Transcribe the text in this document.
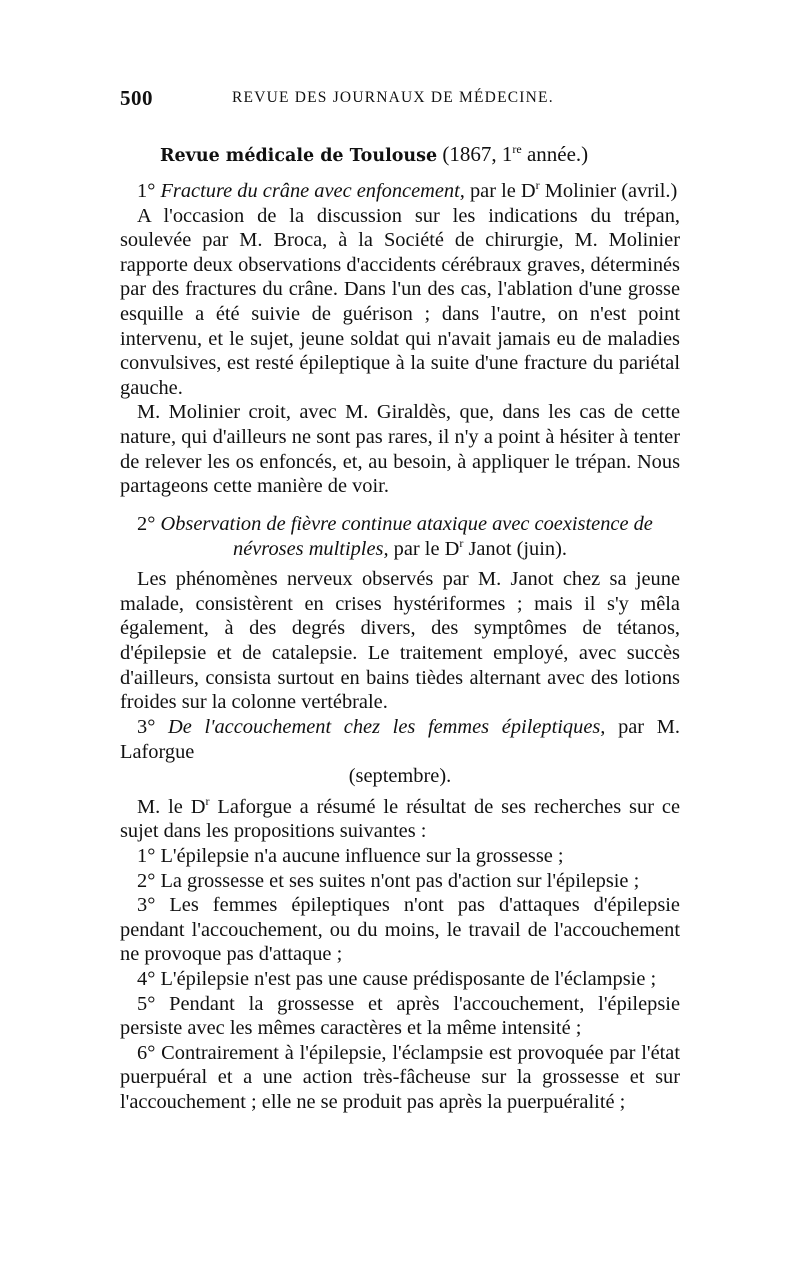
500	REVUE DES JOURNAUX DE MÉDECINE.
Revue médicale de Toulouse (1867, 1re année.)

1° Fracture du crâne avec enfoncement, par le $D^r$ Molinier (avril.)

A l'occasion de la discussion sur les indications du trépan, soulevée par M. Broca, à la Société de chirurgie, M. Molinier rapporte deux observations d'accidents cérébraux graves, déterminés par des fractures du crâne. Dans l'un des cas, l'ablation d'une grosse esquille a été suivie de guérison ; dans l'autre, on n'est point intervenu, et le sujet, jeune soldat qui n'avait jamais eu de maladies convulsives, est resté épileptique à la suite d'une fracture du pariétal gauche.

M. Molinier croit, avec M. Giraldès, que, dans les cas de cette nature, qui d'ailleurs ne sont pas rares, il n'y a point à hésiter à tenter de relever les os enfoncés, et, au besoin, à appliquer le trépan. Nous partageons cette manière de voir.

2° Observation de fièvre continue ataxique avec coexistence de
névroses multiples, par le $D^r$ Janot (juin).

Les phénomènes nerveux observés par M. Janot chez sa jeune malade, consistèrent en crises hystériformes ; mais il s'y mêla également, à des degrés divers, des symptômes de tétanos, d'épilepsie et de catalepsie. Le traitement employé, avec succès d'ailleurs, consista surtout en bains tièdes alternant avec des lotions froides sur la colonne vertébrale.

3° De l'accouchement chez les femmes épileptiques, par M. Laforgue
(septembre).

M. le $D^r$ Laforgue a résumé le résultat de ses recherches sur ce sujet dans les propositions suivantes :

1° L'épilepsie n'a aucune influence sur la grossesse ;

2° La grossesse et ses suites n'ont pas d'action sur l'épilepsie ;

3° Les femmes épileptiques n'ont pas d'attaques d'épilepsie pendant l'accouchement, ou du moins, le travail de l'accouchement ne provoque pas d'attaque ;

4° L'épilepsie n'est pas une cause prédisposante de l'éclampsie ;

5° Pendant la grossesse et après l'accouchement, l'épilepsie persiste avec les mêmes caractères et la même intensité ;

6° Contrairement à l'épilepsie, l'éclampsie est provoquée par l'état puerpuéral et a une action très-fâcheuse sur la grossesse et sur l'accouchement ; elle ne se produit pas après la puerpuéralité ;
